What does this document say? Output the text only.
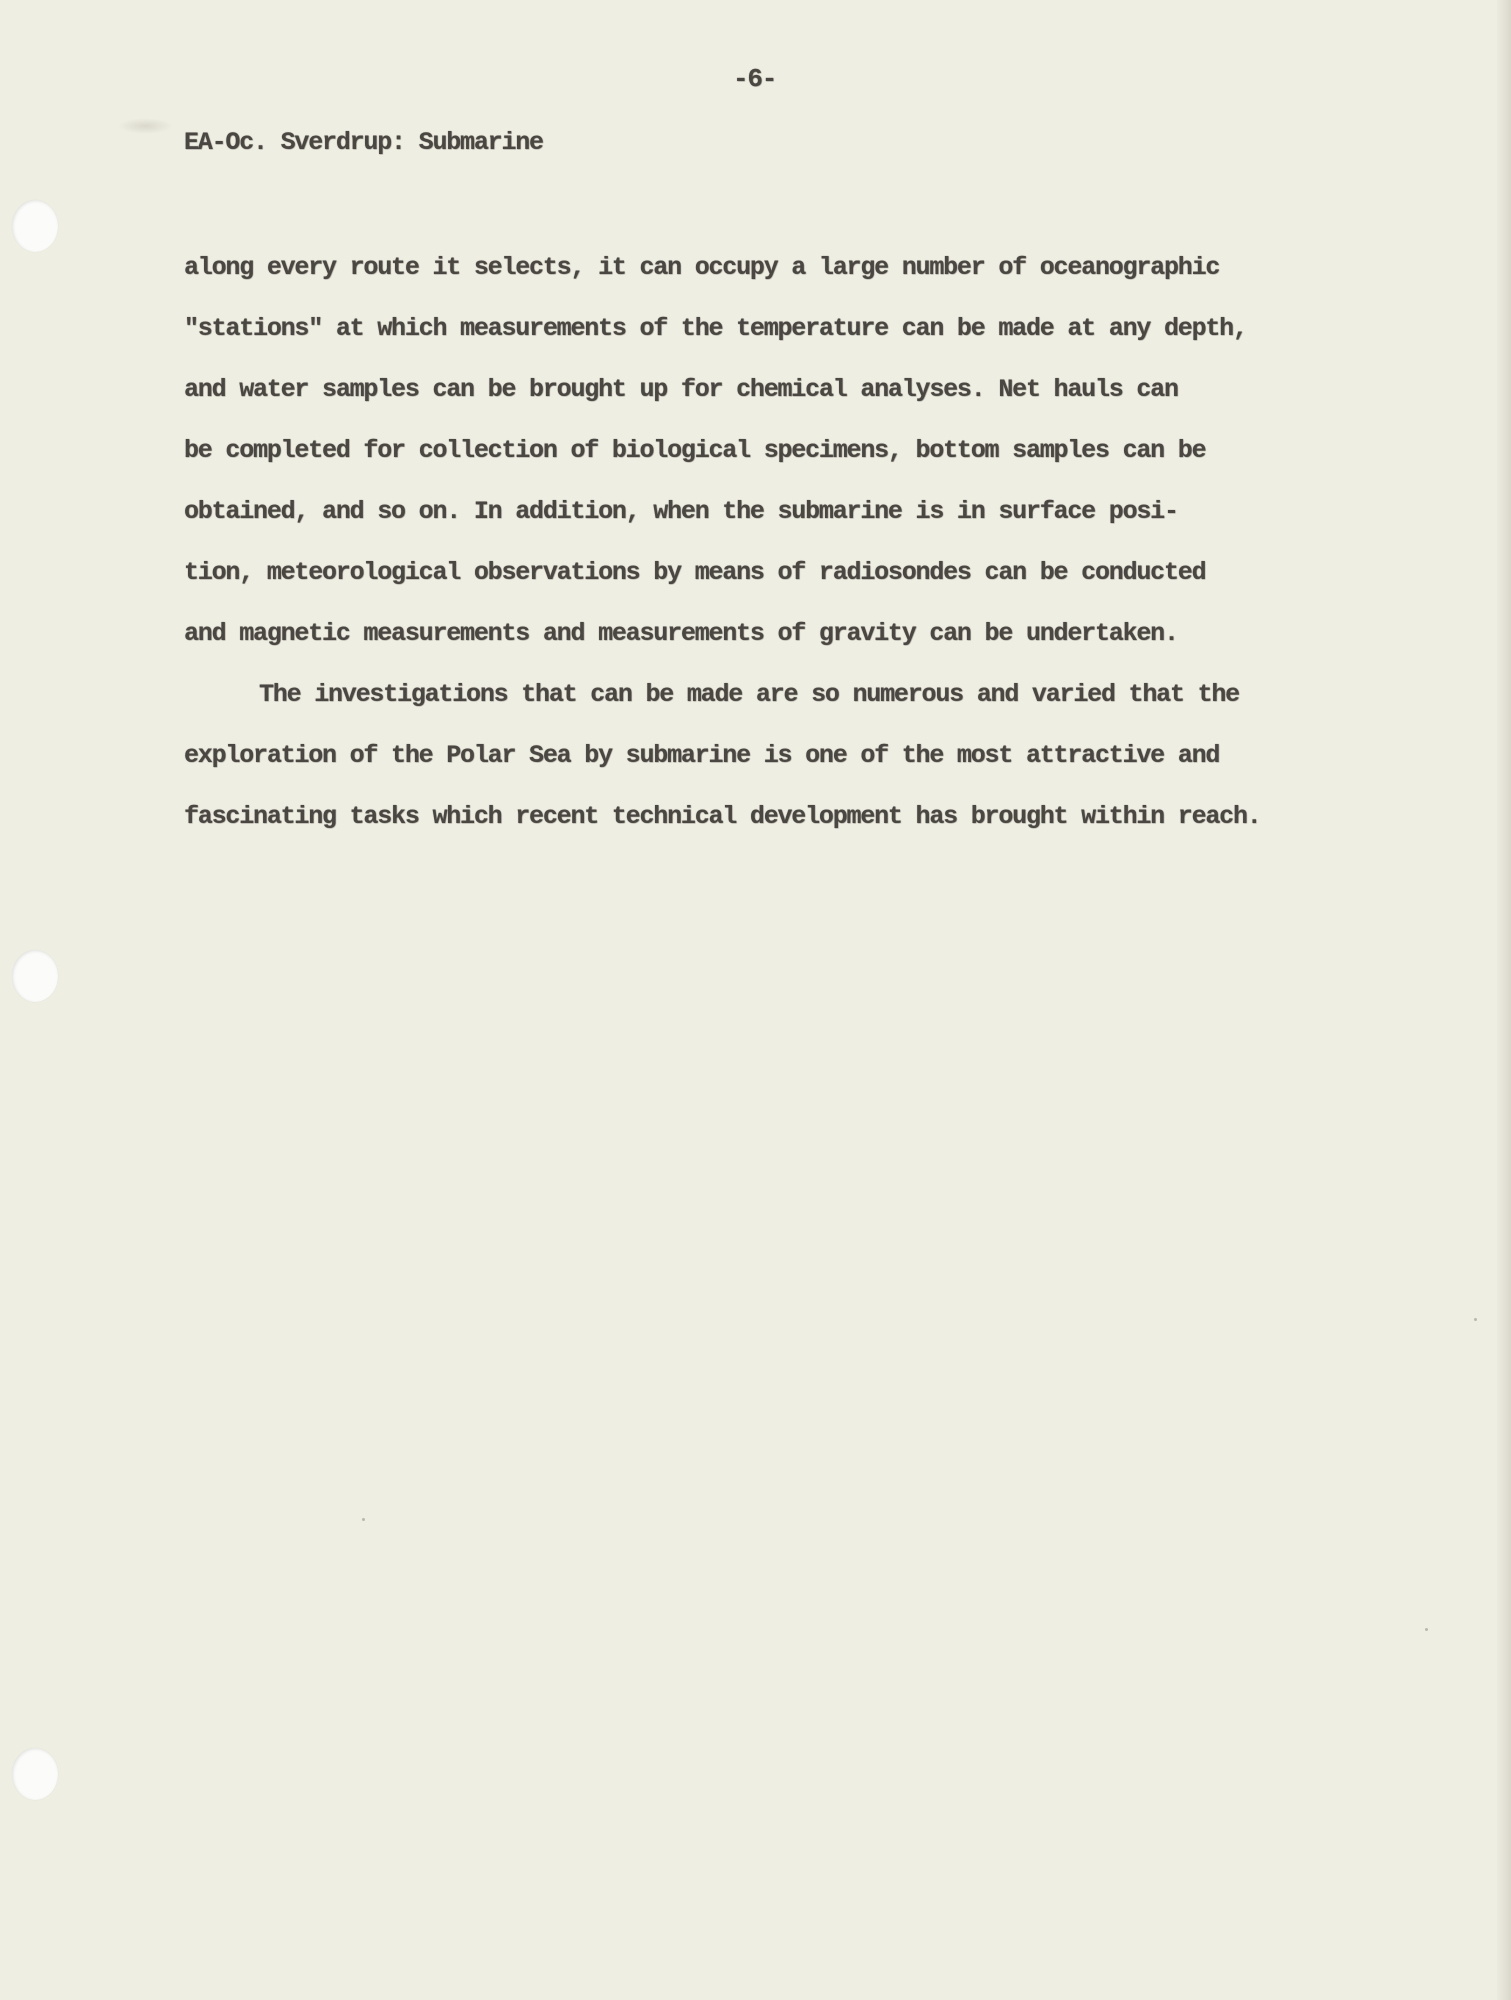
-6-
EA-Oc. Sverdrup: Submarine
along every route it selects, it can occupy a large number of oceanographic
"stations" at which measurements of the temperature can be made at any depth,
and water samples can be brought up for chemical analyses. Net hauls can
be completed for collection of biological specimens, bottom samples can be
obtained, and so on. In addition, when the submarine is in surface posi-
tion, meteorological observations by means of radiosondes can be conducted
and magnetic measurements and measurements of gravity can be undertaken.
The investigations that can be made are so numerous and varied that the
exploration of the Polar Sea by submarine is one of the most attractive and
fascinating tasks which recent technical development has brought within reach.
